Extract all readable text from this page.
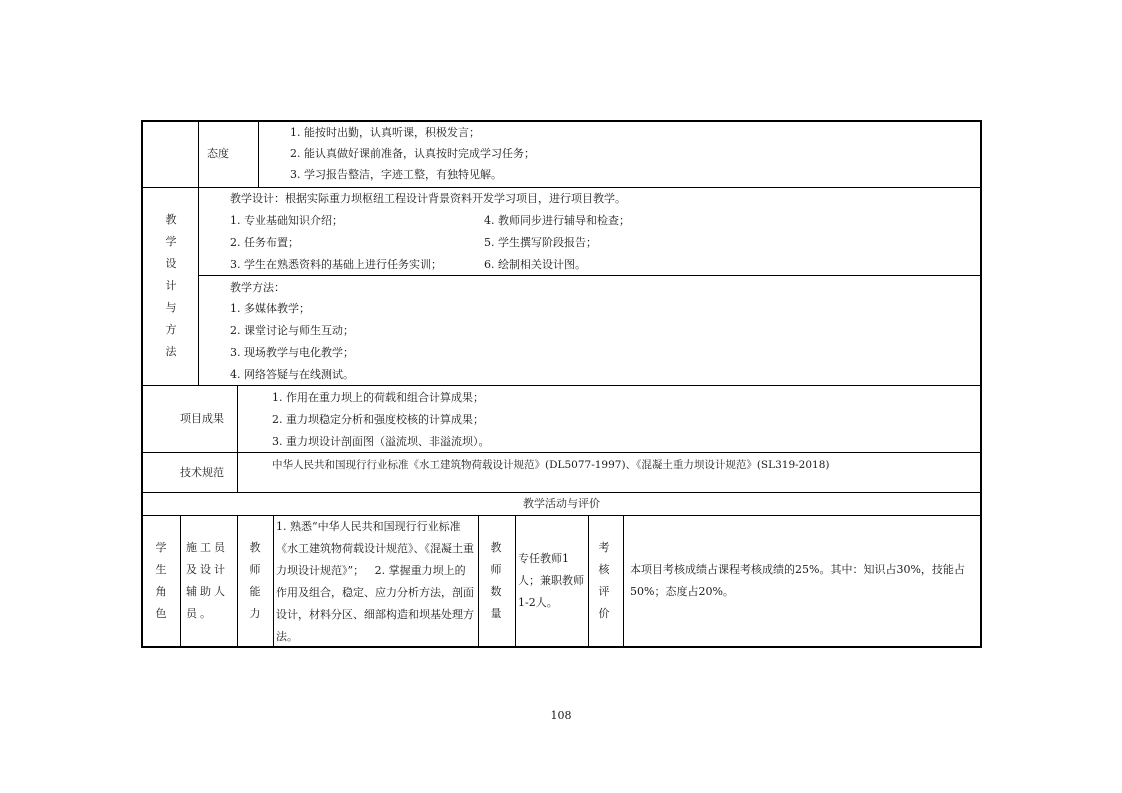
态度
1. 能按时出勤，认真听课，积极发言；
2. 能认真做好课前准备，认真按时完成学习任务；
3. 学习报告整洁，字迹工整，有独特见解。
教
学
设
计
与
方
法
教学设计：根据实际重力坝枢纽工程设计背景资料开发学习项目，进行项目教学。
1. 专业基础知识介绍；
2. 任务布置；
3. 学生在熟悉资料的基础上进行任务实训；
4. 教师同步进行辅导和检查；
5. 学生撰写阶段报告；
6. 绘制相关设计图。
教学方法：
1. 多媒体教学；
2. 课堂讨论与师生互动；
3. 现场教学与电化教学；
4. 网络答疑与在线测试。
项目成果
1. 作用在重力坝上的荷载和组合计算成果；
2. 重力坝稳定分析和强度校核的计算成果；
3. 重力坝设计剖面图（溢流坝、非溢流坝）。
技术规范
中华人民共和国现行行业标准《水工建筑物荷载设计规范》(DL5077-1997)、《混凝土重力坝设计规范》(SL319-2018)
教学活动与评价
学
生
角
色
施工员及设计辅助人员。
教
师
能
力
1. 熟悉“中华人民共和国现行行业标准《水工建筑物荷载设计规范》、《混凝土重力坝设计规范》”；   2. 掌握重力坝上的作用及组合，稳定、应力分析方法，剖面设计，材料分区、细部构造和坝基处理方法。
教
师
数
量
专任教师1人；兼职教师1-2人。
考
核
评
价
本项目考核成绩占课程考核成绩的25%。其中：知识占30%，技能占50%；态度占20%。
108
